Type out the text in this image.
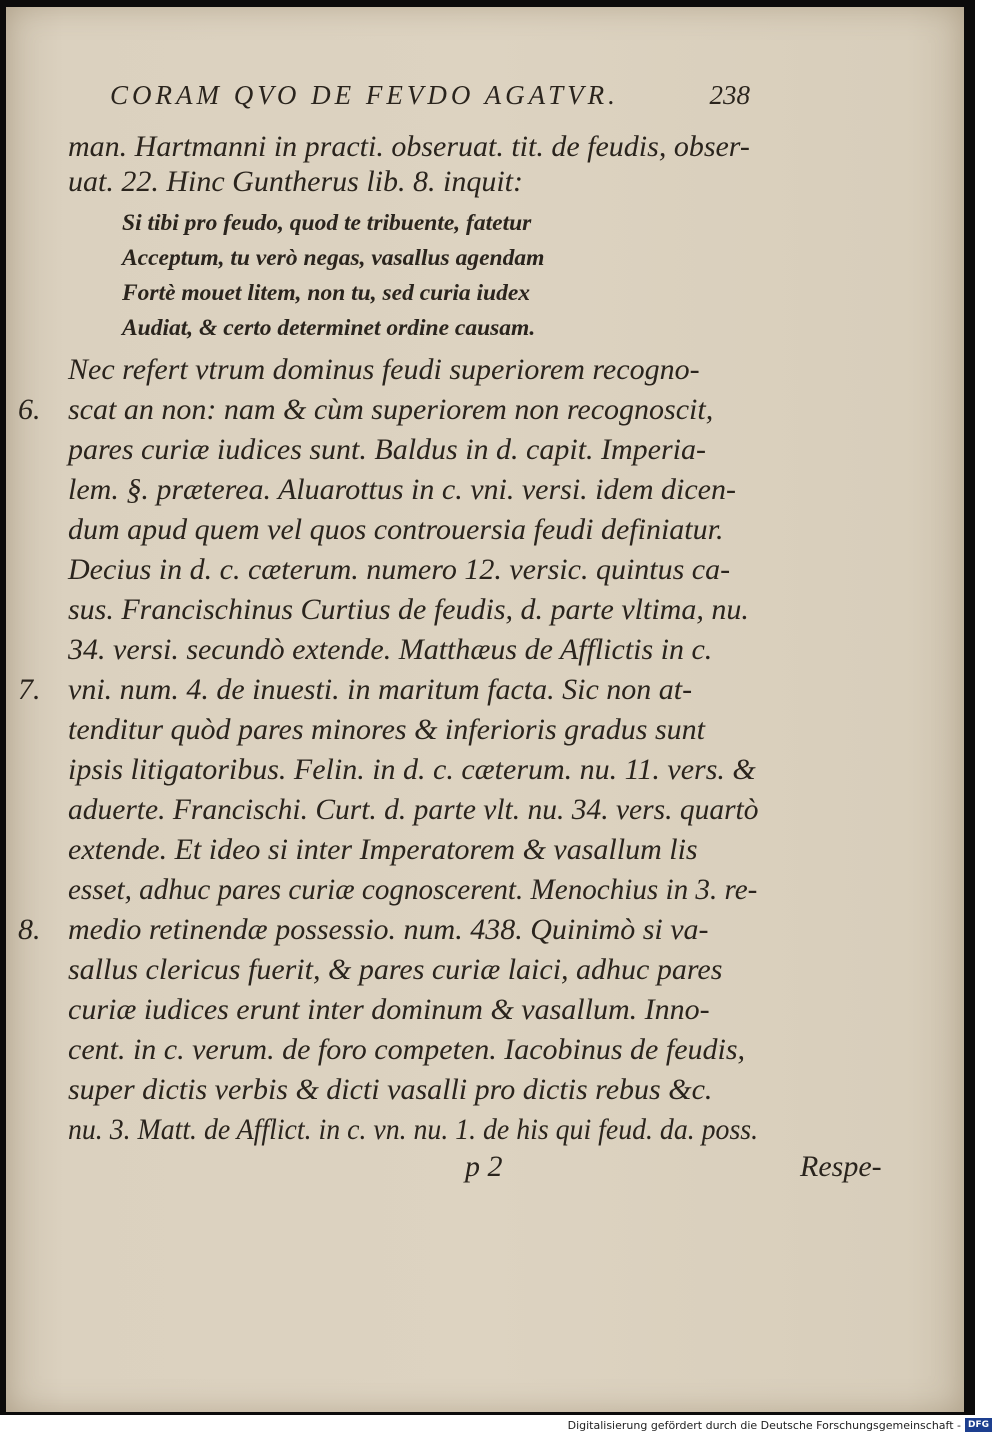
CORAM QVO DE FEVDO AGATVR.	238
man. Hartmanni in practi. obseruat. tit. de feudis, obser-
uat. 22. Hinc Guntherus lib. 8. inquit:
Si tibi pro feudo, quod te tribuente, fatetur
Acceptum, tu verò negas, vasallus agendam
Fortè mouet litem, non tu, sed curia iudex
Audiat, & certo determinet ordine causam.
Nec refert vtrum dominus feudi superiorem recogno-
6. scat an non: nam & cùm superiorem non recognoscit,
pares curiæ iudices sunt. Baldus in d. capit. Imperia-
lem. §. præterea. Aluarottus in c. vni. versi. idem dicen-
dum apud quem vel quos controuersia feudi definiatur.
Decius in d. c. cæterum. numero 12. versic. quintus ca-
sus. Francischinus Curtius de feudis, d. parte vltima, nu.
34. versi. secundò extende. Matthæus de Afflictis in c.
7. vni. num. 4. de inuesti. in maritum facta. Sic non at-
tenditur quòd pares minores & inferioris gradus sunt
ipsis litigatoribus. Felin. in d. c. cæterum. nu. 11. vers. &
aduerte. Francischi. Curt. d. parte vlt. nu. 34. vers. quartò
extende. Et ideo si inter Imperatorem & vasallum lis
esset, adhuc pares curiæ cognoscerent. Menochius in 3. re-
8. medio retinendæ possessio. num. 438. Quinimò si va-
sallus clericus fuerit, & pares curiæ laici, adhuc pares
curiæ iudices erunt inter dominum & vasallum. Inno-
cent. in c. verum. de foro competen. Iacobinus de feudis,
super dictis verbis & dicti vasalli pro dictis rebus &c.
nu. 3. Matt. de Afflict. in c. vn. nu. 1. de his qui feud. da. poss.
p 2	Respe-
Digitalisierung gefördert durch die Deutsche Forschungsgemeinschaft - DFG
